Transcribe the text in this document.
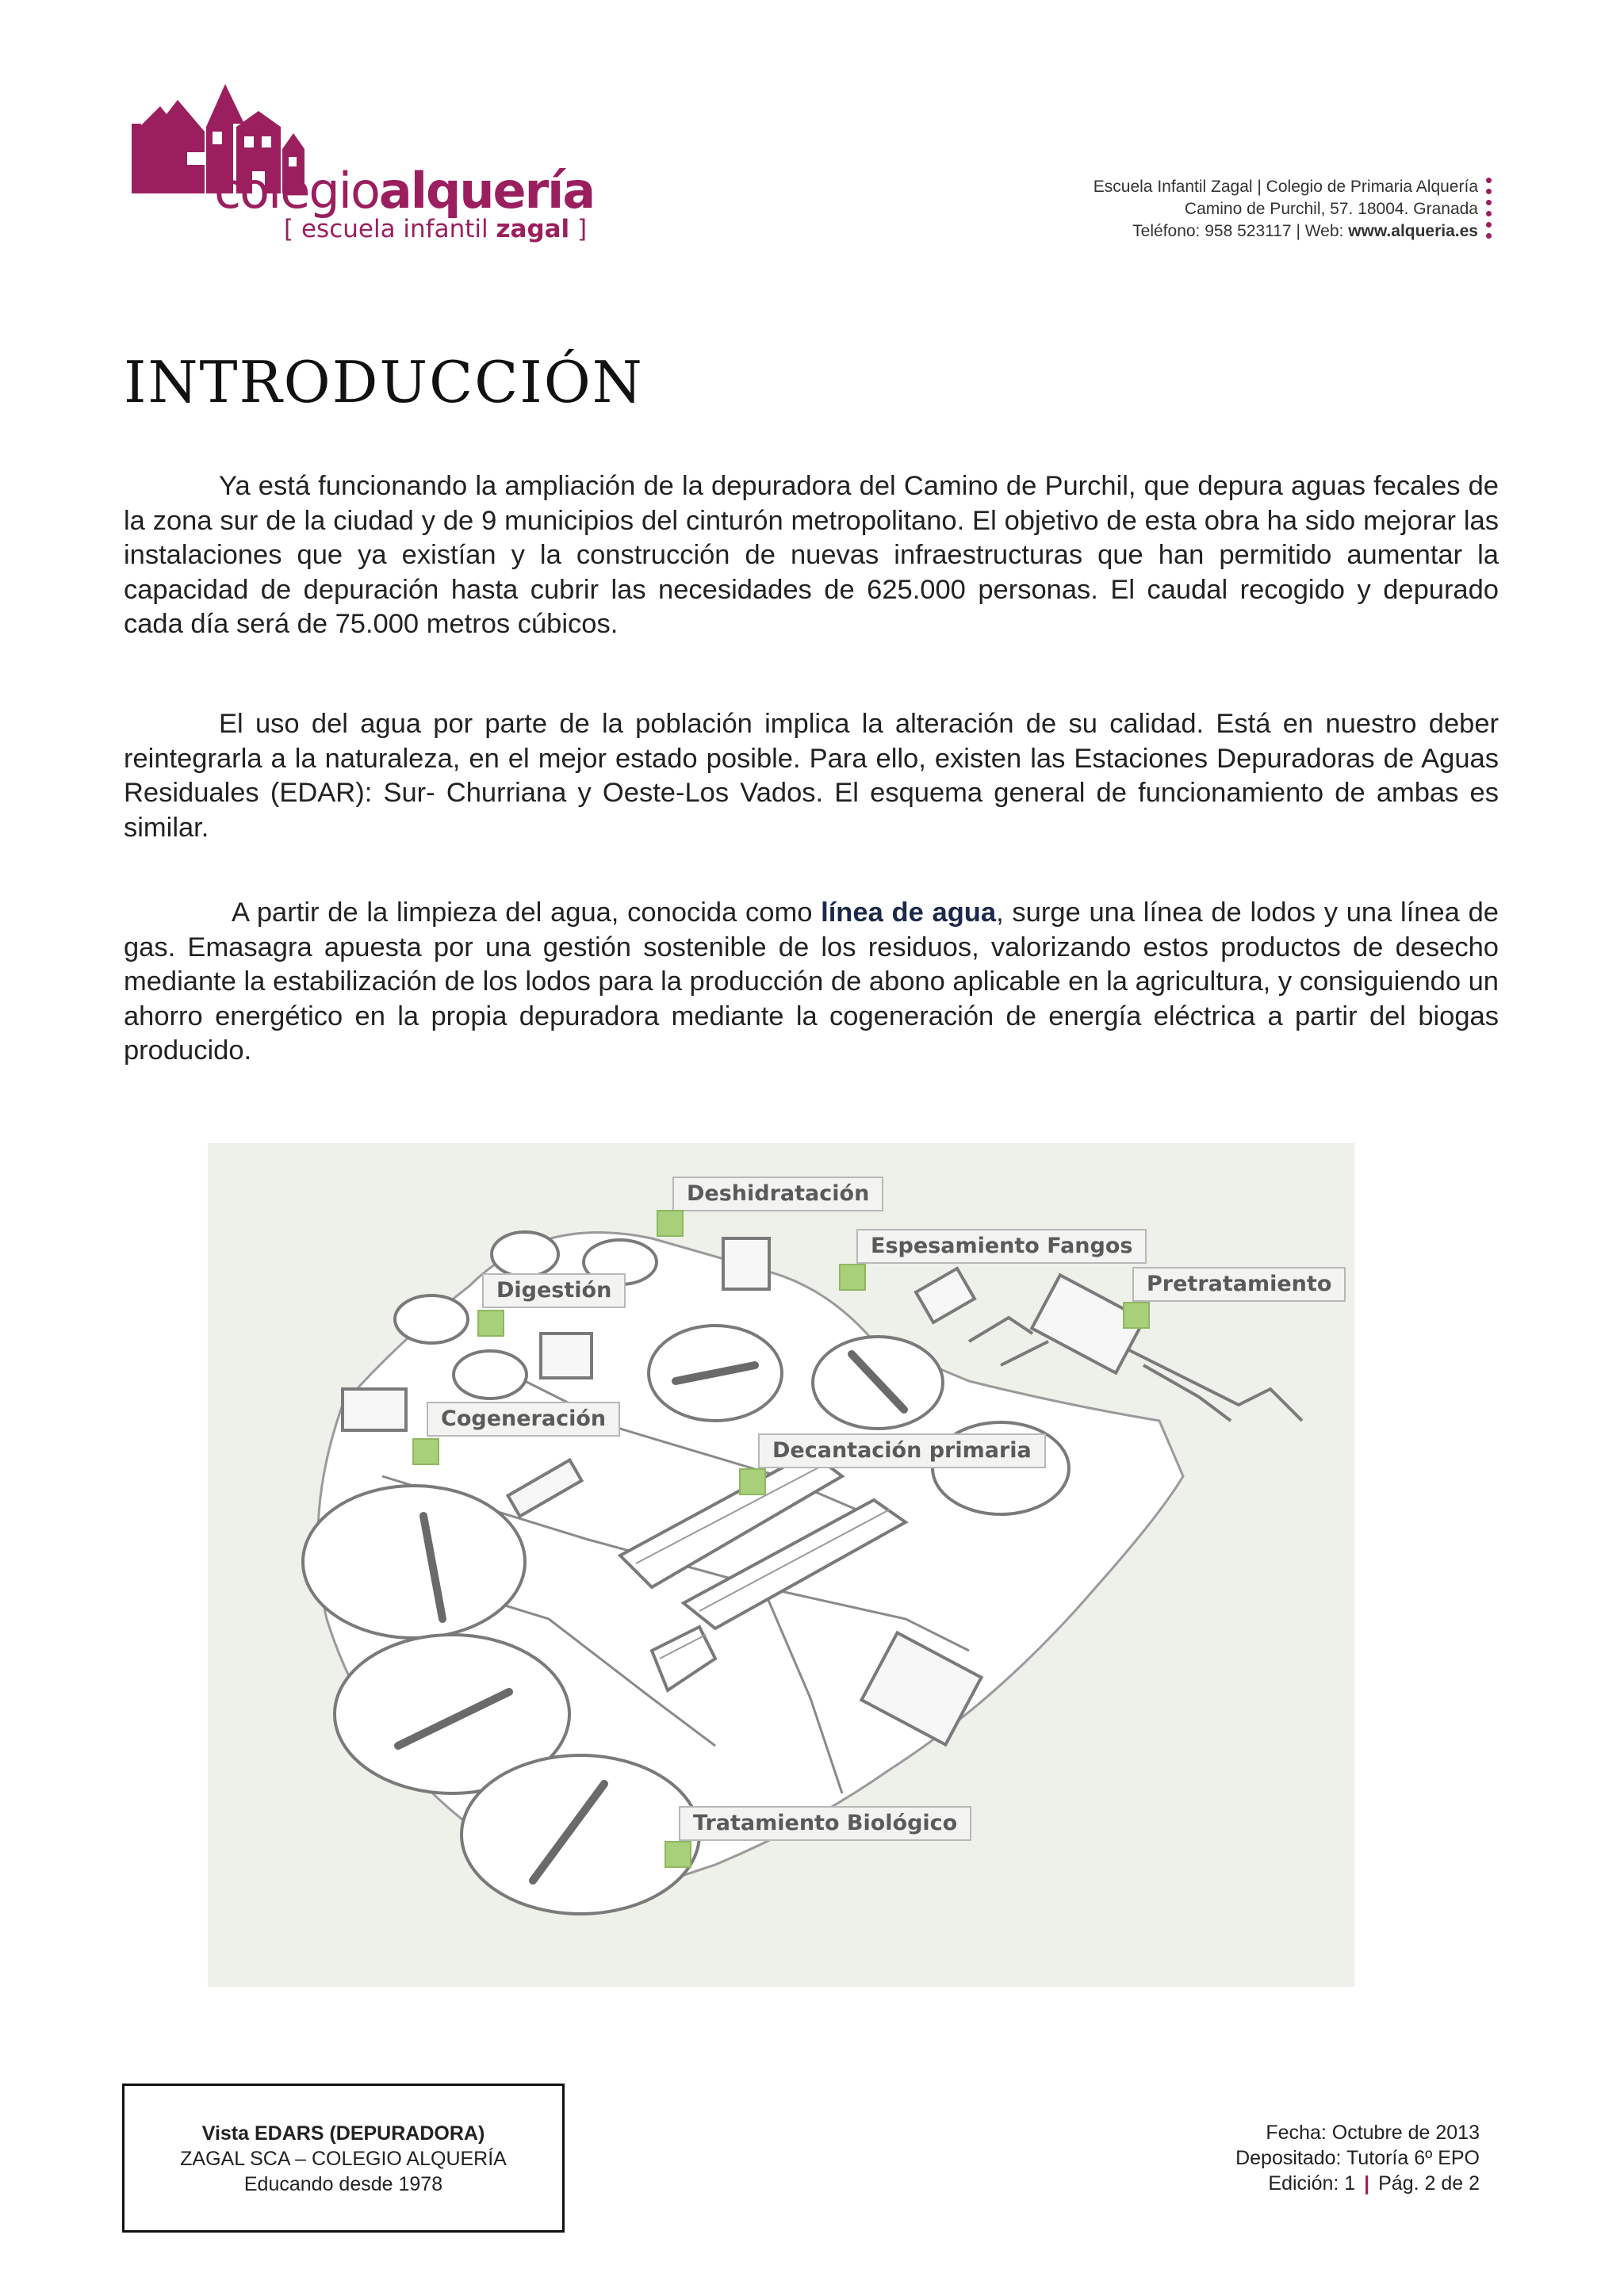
colegioalquería
[ escuela infantil zagal ]
Escuela Infantil Zagal | Colegio de Primaria Alquería
Camino de Purchil, 57. 18004. Granada
Teléfono: 958 523117 | Web: www.alqueria.es
INTRODUCCIÓN

Ya está funcionando la ampliación de la depuradora del Camino de Purchil, que depura aguas fecales de la zona sur de la ciudad y de 9 municipios del cinturón metropolitano. El objetivo de esta obra ha sido mejorar las instalaciones que ya existían y la construcción de nuevas infraestructuras que han permitido aumentar la capacidad de depuración hasta cubrir las necesidades de 625.000 personas. El caudal recogido y depurado cada día será de 75.000 metros cúbicos.

El uso del agua por parte de la población implica la alteración de su calidad. Está en nuestro deber reintegrarla a la naturaleza, en el mejor estado posible. Para ello, existen las Estaciones Depuradoras de Aguas Residuales (EDAR): Sur- Churriana y Oeste-Los Vados. El esquema general de funcionamiento de ambas es similar.

A partir de la limpieza del agua, conocida como línea de agua, surge una línea de lodos y una línea de gas. Emasagra apuesta por una gestión sostenible de los residuos, valorizando estos productos de desecho mediante la estabilización de los lodos para la producción de abono aplicable en la agricultura, y consiguiendo un ahorro energético en la propia depuradora mediante la cogeneración de energía eléctrica a partir del biogas producido.

Deshidratación
Espesamiento Fangos
Pretratamiento
Digestión
Cogeneración
Decantación primaria
Tratamiento Biológico
Vista EDARS (DEPURADORA)
ZAGAL SCA – COLEGIO ALQUERÍA
Educando desde 1978
Fecha: Octubre de 2013
Depositado: Tutoría 6º EPO
Edición: 1 | Pág. 2 de 2
